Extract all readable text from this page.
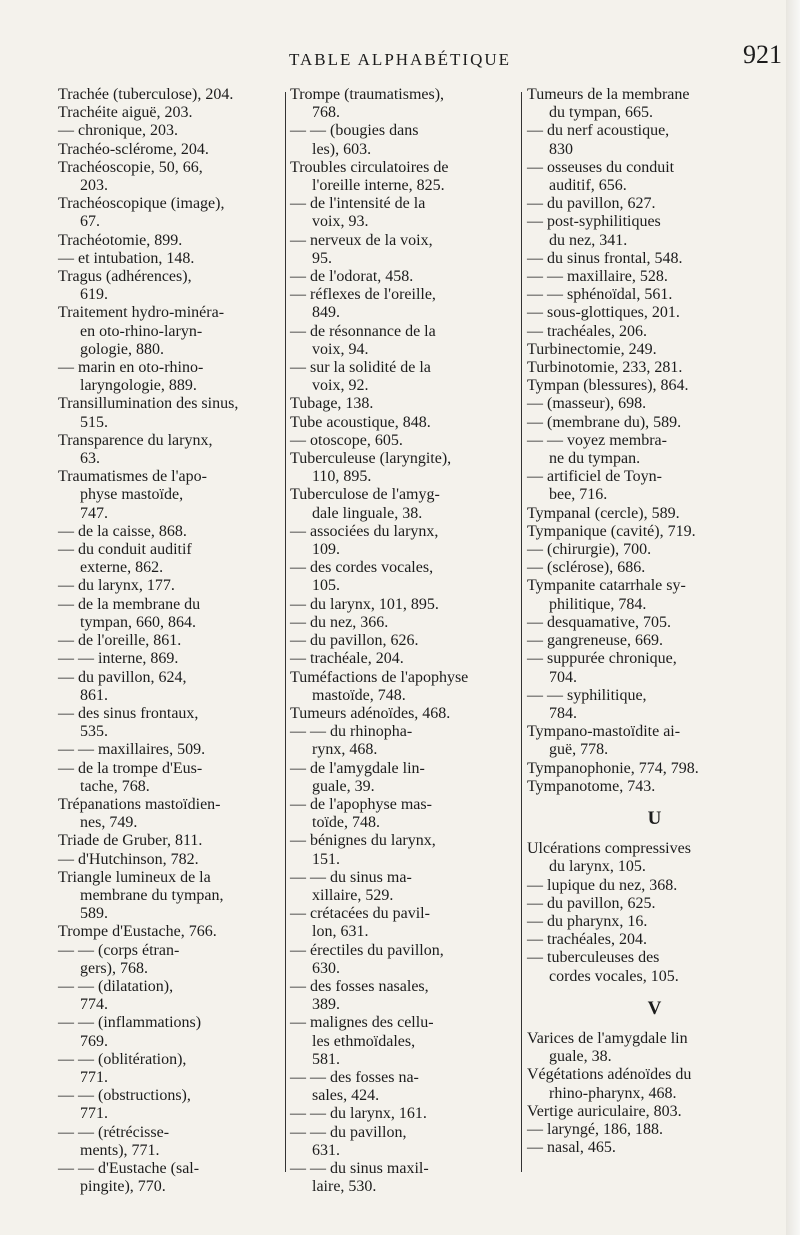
TABLE ALPHABÉTIQUE	921
Trachée (tuberculose), 204.
Trachéite aiguë, 203.
— chronique, 203.
Trachéo-sclérome, 204.
Trachéoscopie, 50, 66,
203.
Trachéoscopique (image),
67.
Trachéotomie, 899.
— et intubation, 148.
Tragus (adhérences),
619.
Traitement hydro-minéra-
en oto-rhino-laryn-
gologie, 880.
— marin en oto-rhino-
laryngologie, 889.
Transillumination des sinus,
515.
Transparence du larynx,
63.
Traumatismes de l'apo-
physe mastoïde,
747.
— de la caisse, 868.
— du conduit auditif
externe, 862.
— du larynx, 177.
— de la membrane du
tympan, 660, 864.
— de l'oreille, 861.
— — interne, 869.
— du pavillon, 624,
861.
— des sinus frontaux,
535.
— — maxillaires, 509.
— de la trompe d'Eus-
tache, 768.
Trépanations mastoïdien-
nes, 749.
Triade de Gruber, 811.
— d'Hutchinson, 782.
Triangle lumineux de la
membrane du tympan,
589.
Trompe d'Eustache, 766.
— — (corps étran-
gers), 768.
— — (dilatation),
774.
— — (inflammations)
769.
— — (oblitération),
771.
— — (obstructions),
771.
— — (rétrécisse-
ments), 771.
— — d'Eustache (sal-
pingite), 770.
Trompe (traumatismes),
768.
— — (bougies dans
les), 603.
Troubles circulatoires de
l'oreille interne, 825.
— de l'intensité de la
voix, 93.
— nerveux de la voix,
95.
— de l'odorat, 458.
— réflexes de l'oreille,
849.
— de résonnance de la
voix, 94.
— sur la solidité de la
voix, 92.
Tubage, 138.
Tube acoustique, 848.
— otoscope, 605.
Tuberculeuse (laryngite),
110, 895.
Tuberculose de l'amyg-
dale linguale, 38.
— associées du larynx,
109.
— des cordes vocales,
105.
— du larynx, 101, 895.
— du nez, 366.
— du pavillon, 626.
— trachéale, 204.
Tuméfactions de l'apophyse
mastoïde, 748.
Tumeurs adénoïdes, 468.
— — du rhinopha-
rynx, 468.
— de l'amygdale lin-
guale, 39.
— de l'apophyse mas-
toïde, 748.
— bénignes du larynx,
151.
— — du sinus ma-
xillaire, 529.
— crétacées du pavil-
lon, 631.
— érectiles du pavillon,
630.
— des fosses nasales,
389.
— malignes des cellu-
les ethmoïdales,
581.
— — des fosses na-
sales, 424.
— — du larynx, 161.
— — du pavillon,
631.
— — du sinus maxil-
laire, 530.
Tumeurs de la membrane
du tympan, 665.
— du nerf acoustique,
830
— osseuses du conduit
auditif, 656.
— du pavillon, 627.
— post-syphilitiques
du nez, 341.
— du sinus frontal, 548.
— — maxillaire, 528.
— — sphénoïdal, 561.
— sous-glottiques, 201.
— trachéales, 206.
Turbinectomie, 249.
Turbinotomie, 233, 281.
Tympan (blessures), 864.
— (masseur), 698.
— (membrane du), 589.
— — voyez membra-
ne du tympan.
— artificiel de Toyn-
bee, 716.
Tympanal (cercle), 589.
Tympanique (cavité), 719.
— (chirurgie), 700.
— (sclérose), 686.
Tympanite catarrhale sy-
philitique, 784.
— desquamative, 705.
— gangreneuse, 669.
— suppurée chronique,
704.
— — syphilitique,
784.
Tympano-mastoïdite ai-
guë, 778.
Tympanophonie, 774, 798.
Tympanotome, 743.
U
Ulcérations compressives
du larynx, 105.
— lupique du nez, 368.
— du pavillon, 625.
— du pharynx, 16.
— trachéales, 204.
— tuberculeuses des
cordes vocales, 105.
V
Varices de l'amygdale lin
guale, 38.
Végétations adénoïdes du
rhino-pharynx, 468.
Vertige auriculaire, 803.
— laryngé, 186, 188.
— nasal, 465.
